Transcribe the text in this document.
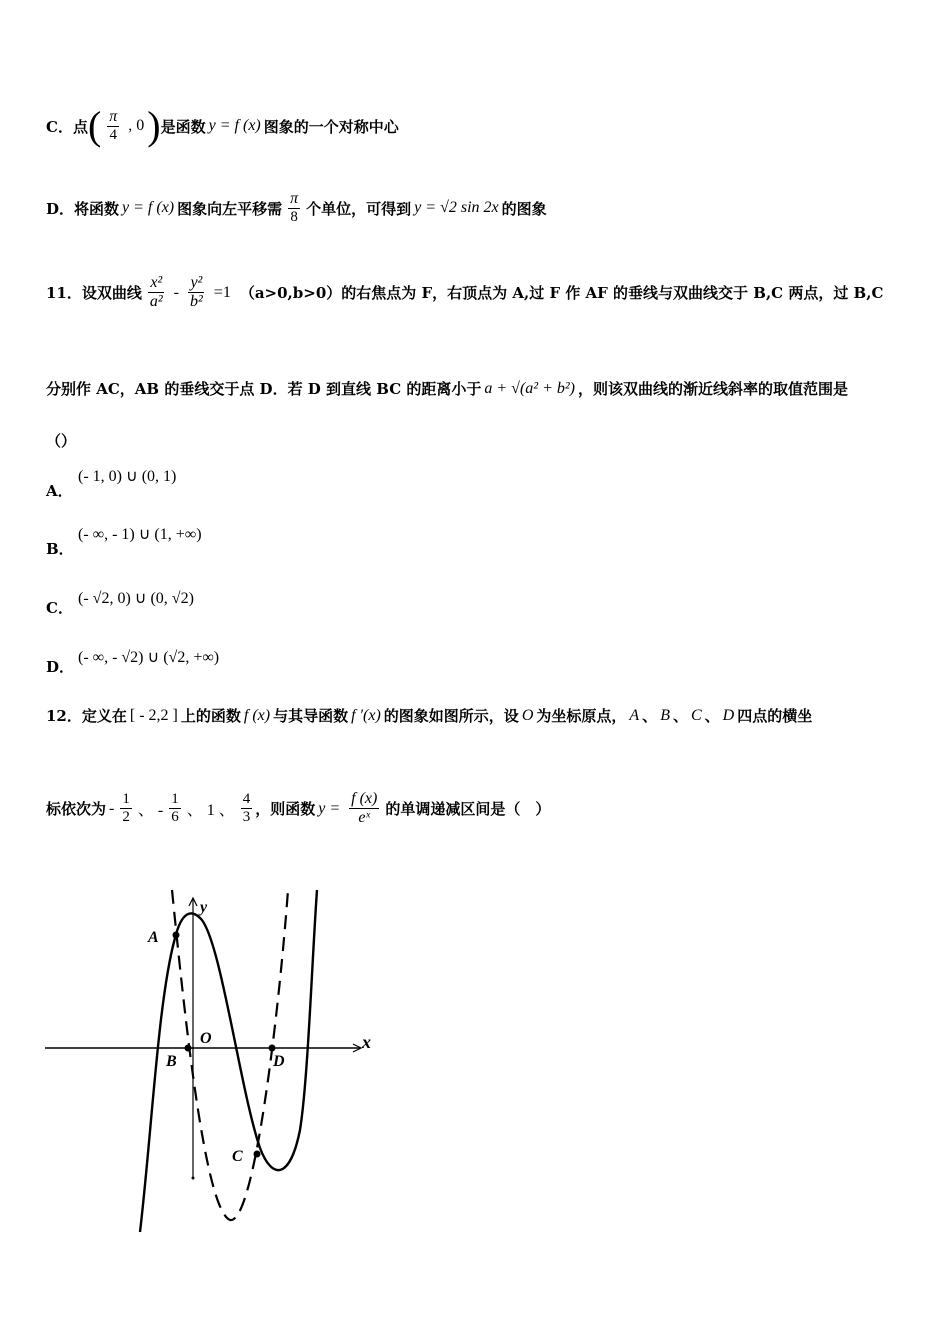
C．点 ( $\frac{\pi}{4}$ , 0 ) 是函数 y = f (x) 图象的一个对称中心
D．将函数 y = f (x) 图象向左平移需 $\frac{\pi}{8}$ 个单位，可得到 y = √2 sin 2x 的图象
11．设双曲线 $\frac{\text{x²}}{\text{a²}} - \frac{\text{y²}}{\text{b²}} =1$ （a>0,b>0）的右焦点为 F，右顶点为 A,过 F 作 AF 的垂线与双曲线交于 B,C 两点，过 B,C
分别作 AC，AB 的垂线交于点 D．若 D 到直线 BC 的距离小于 a + √(a² + b²) ，则该双曲线的渐近线斜率的取值范围是
（）
A．
(- 1, 0) ∪ (0, 1)
B．
(- ∞, - 1) ∪ (1, +∞)
C．
(- √2, 0) ∪ (0, √2)
D．
(- ∞, - √2) ∪ (√2, +∞)
12．定义在 [ - 2,2 ] 上的函数 f (x) 与其导函数 f ′(x) 的图象如图所示，设 O 为坐标原点， A 、 B 、 C 、 D 四点的横坐
标依次为 - $\frac{1}{2}$ 、 - $\frac{1}{6}$ 、 1 、 $\frac{4}{3}$ ，则函数 $y = \frac{f (x)}{\text{eˣ}}$ 的单调递减区间是（　）
y
x
A
O
B	D
C
